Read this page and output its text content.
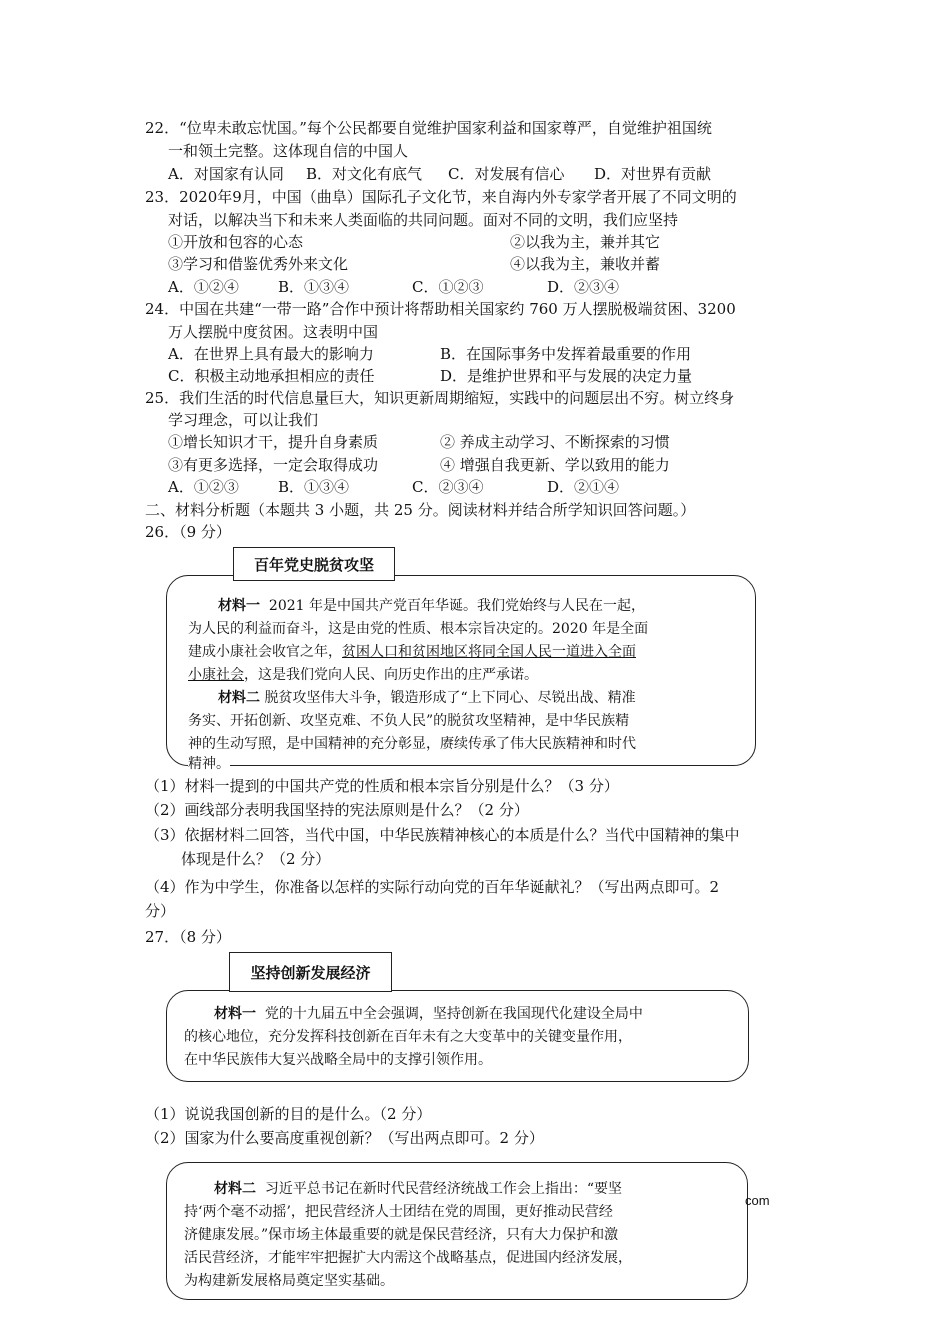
22．“位卑未敢忘忧国。”每个公民都要自觉维护国家利益和国家尊严，自觉维护祖国统
一和领土完整。这体现自信的中国人
A．对国家有认同 B．对文化有底气 C．对发展有信心 D．对世界有贡献
23．2020年9月，中国（曲阜）国际孔子文化节，来自海内外专家学者开展了不同文明的
对话，以解决当下和未来人类面临的共同问题。面对不同的文明，我们应坚持
①开放和包容的心态	②以我为主，兼并其它
③学习和借鉴优秀外来文化	④以我为主，兼收并蓄
A．①②④	B．①③④	C．①②③	D．②③④
24．中国在共建“一带一路”合作中预计将帮助相关国家约 760 万人摆脱极端贫困、3200
万人摆脱中度贫困。这表明中国
A．在世界上具有最大的影响力	B．在国际事务中发挥着最重要的作用
C．积极主动地承担相应的责任	D．是维护世界和平与发展的决定力量
25．我们生活的时代信息量巨大，知识更新周期缩短，实践中的问题层出不穷。树立终身
学习理念，可以让我们
①增长知识才干，提升自身素质	② 养成主动学习、不断探索的习惯
③有更多选择，一定会取得成功	④ 增强自我更新、学以致用的能力
A．①②③	B．①③④	C．②③④	D．②①④
二、材料分析题（本题共 3 小题，共 25 分。阅读材料并结合所学知识回答问题。）
26．（9 分）
百年党史脱贫攻坚
材料一 2021 年是中国共产党百年华诞。我们党始终与人民在一起，
为人民的利益而奋斗，这是由党的性质、根本宗旨决定的。2020 年是全面
建成小康社会收官之年，贫困人口和贫困地区将同全国人民一道进入全面
小康社会，这是我们党向人民、向历史作出的庄严承诺。
材料二 脱贫攻坚伟大斗争，锻造形成了“上下同心、尽锐出战、精准
务实、开拓创新、攻坚克难、不负人民”的脱贫攻坚精神，是中华民族精
神的生动写照，是中国精神的充分彰显，赓续传承了伟大民族精神和时代
精神。
（1）材料一提到的中国共产党的性质和根本宗旨分别是什么？（3 分）
（2）画线部分表明我国坚持的宪法原则是什么？（2 分）
（3）依据材料二回答，当代中国，中华民族精神核心的本质是什么？当代中国精神的集中
体现是什么？（2 分）
（4）作为中学生，你准备以怎样的实际行动向党的百年华诞献礼？（写出两点即可。2
分）
27．（8 分）
坚持创新发展经济
材料一 党的十九届五中全会强调，坚持创新在我国现代化建设全局中
的核心地位，充分发挥科技创新在百年未有之大变革中的关键变量作用，
在中华民族伟大复兴战略全局中的支撑引领作用。
（1）说说我国创新的目的是什么。（2 分）
（2）国家为什么要高度重视创新？（写出两点即可。2 分）
材料二 习近平总书记在新时代民营经济统战工作会上指出：“要坚
持‘两个毫不动摇’，把民营经济人士团结在党的周围，更好推动民营经
济健康发展。”保市场主体最重要的就是保民营经济，只有大力保护和激
活民营经济，才能牢牢把握扩大内需这个战略基点，促进国内经济发展，
为构建新发展格局奠定坚实基础。
com
